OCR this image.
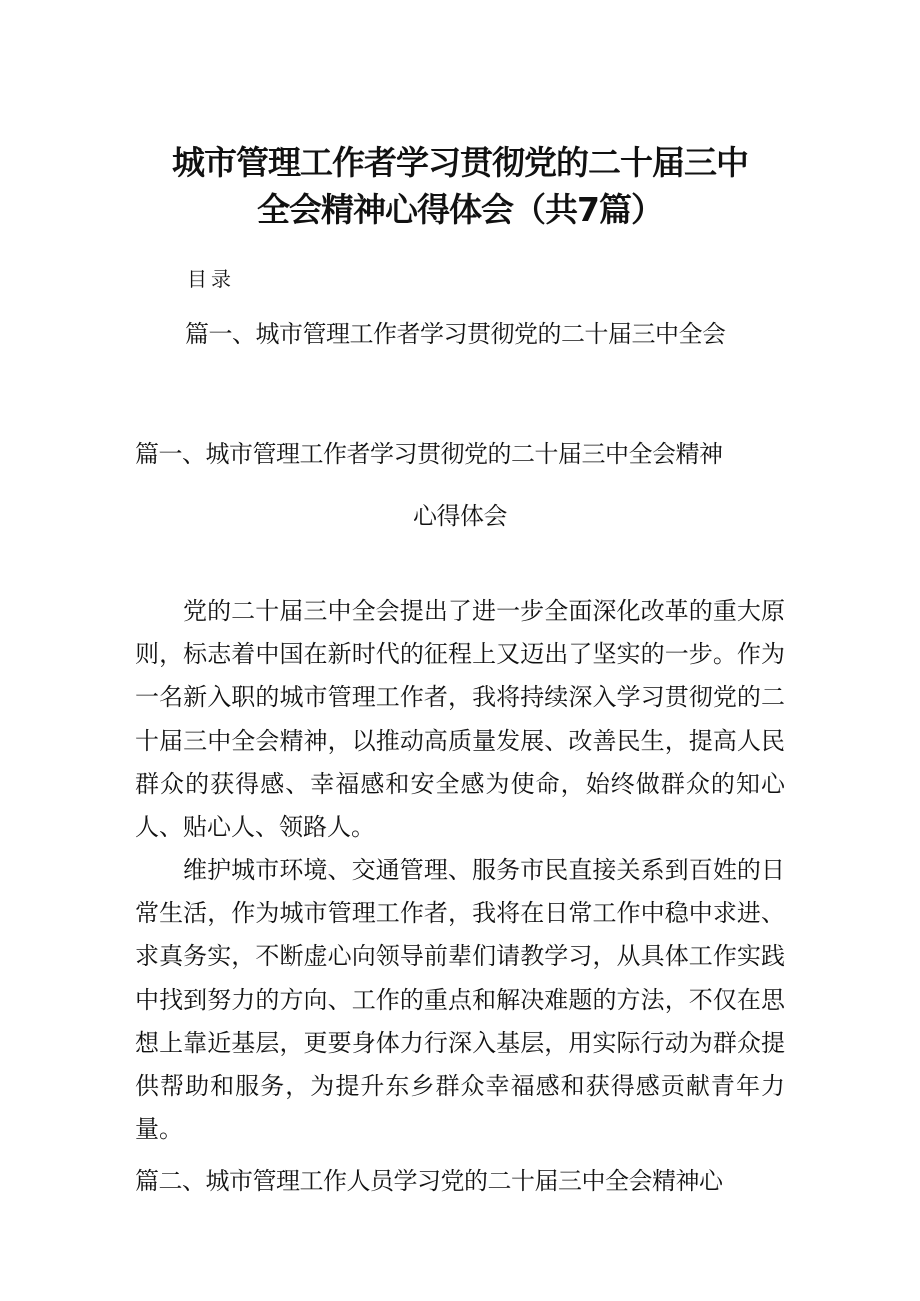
城市管理工作者学习贯彻党的二十届三中
全会精神心得体会（共7篇）
目录
篇一、城市管理工作者学习贯彻党的二十届三中全会
篇一、城市管理工作者学习贯彻党的二十届三中全会精神
心得体会

党的二十届三中全会提出了进一步全面深化改革的重大原则，标志着中国在新时代的征程上又迈出了坚实的一步。作为一名新入职的城市管理工作者，我将持续深入学习贯彻党的二十届三中全会精神，以推动高质量发展、改善民生，提高人民群众的获得感、幸福感和安全感为使命，始终做群众的知心人、贴心人、领路人。

维护城市环境、交通管理、服务市民直接关系到百姓的日常生活，作为城市管理工作者，我将在日常工作中稳中求进、求真务实，不断虚心向领导前辈们请教学习，从具体工作实践中找到努力的方向、工作的重点和解决难题的方法，不仅在思想上靠近基层，更要身体力行深入基层，用实际行动为群众提供帮助和服务，为提升东乡群众幸福感和获得感贡献青年力量。

篇二、城市管理工作人员学习党的二十届三中全会精神心
